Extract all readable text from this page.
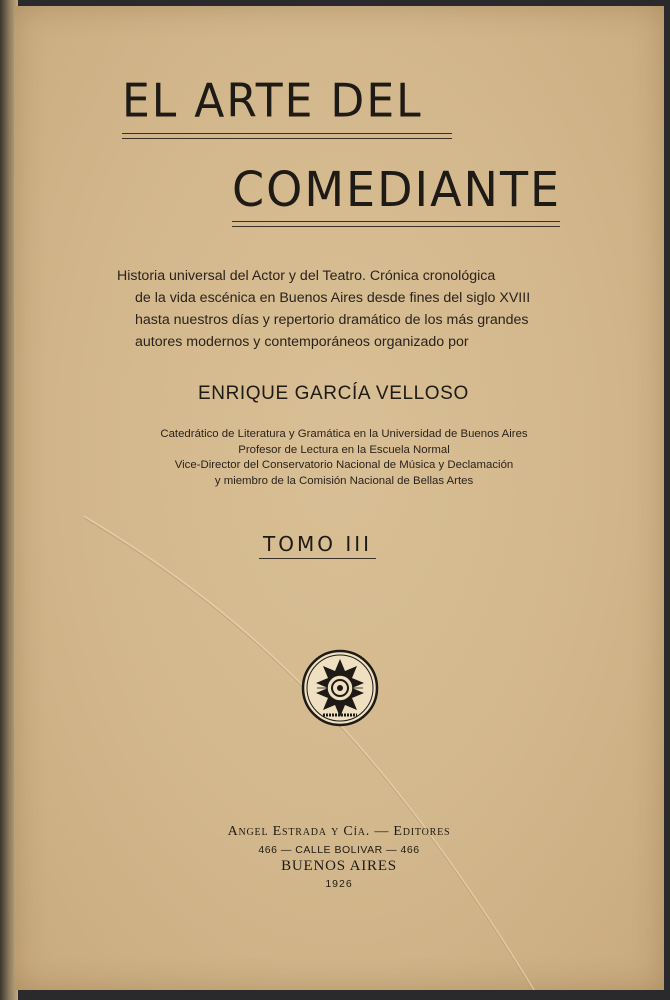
EL ARTE DEL
COMEDIANTE
Historia universal del Actor y del Teatro. Crónica cronológica
de la vida escénica en Buenos Aires desde fines del siglo XVIII
hasta nuestros días y repertorio dramático de los más grandes
autores modernos y contemporáneos organizado por
ENRIQUE GARCÍA VELLOSO
Catedrático de Literatura y Gramática en la Universidad de Buenos Aires
Profesor de Lectura en la Escuela Normal
Vice-Director del Conservatorio Nacional de Música y Declamación
y miembro de la Comisión Nacional de Bellas Artes
TOMO III
Angel Estrada y Cía. — Editores
466 — CALLE BOLIVAR — 466
BUENOS AIRES
1926
